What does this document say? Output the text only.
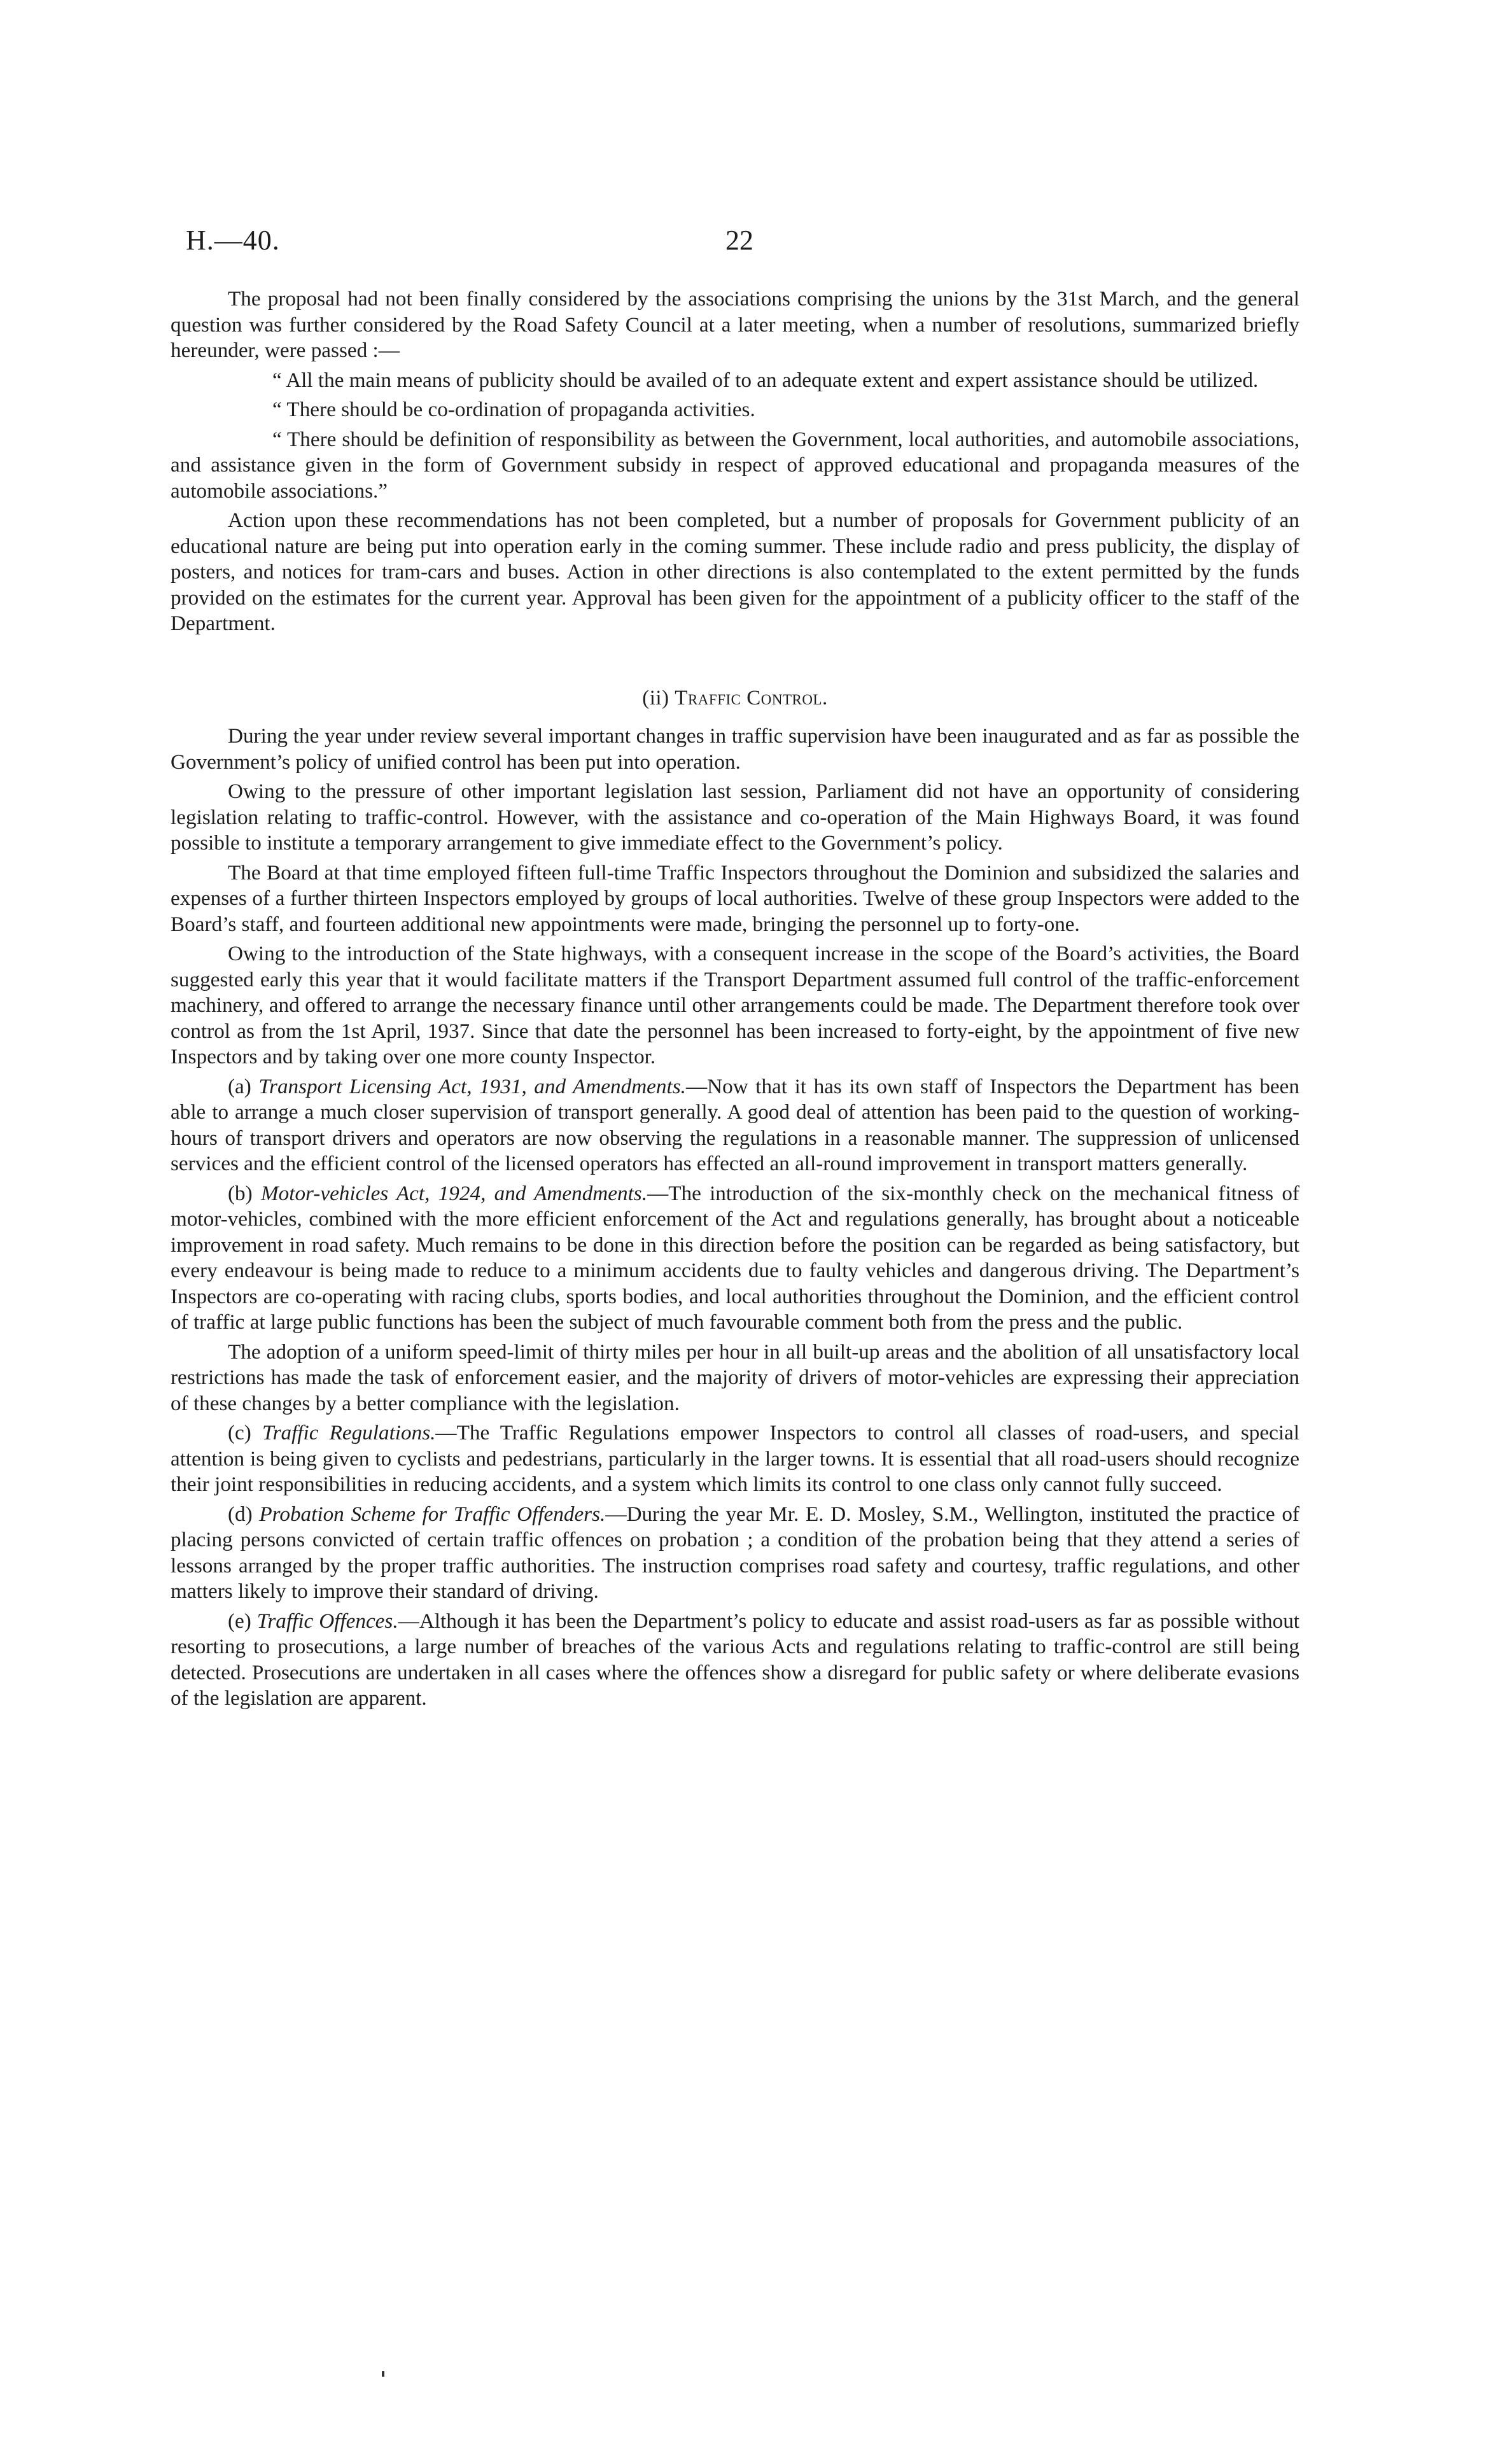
H.—40.	22

The proposal had not been finally considered by the associations comprising the unions by the 31st March, and the general question was further considered by the Road Safety Council at a later meeting, when a number of resolutions, summarized briefly hereunder, were passed :—

“ All the main means of publicity should be availed of to an adequate extent and expert assistance should be utilized.

“ There should be co-ordination of propaganda activities.

“ There should be definition of responsibility as between the Government, local authorities, and automobile associations, and assistance given in the form of Government subsidy in respect of approved educational and propaganda measures of the automobile associations.”

Action upon these recommendations has not been completed, but a number of proposals for Government publicity of an educational nature are being put into operation early in the coming summer. These include radio and press publicity, the display of posters, and notices for tram-cars and buses. Action in other directions is also contemplated to the extent permitted by the funds provided on the estimates for the current year. Approval has been given for the appointment of a publicity officer to the staff of the Department.

(ii) Traffic Control.

During the year under review several important changes in traffic supervision have been inaugurated and as far as possible the Government’s policy of unified control has been put into operation.

Owing to the pressure of other important legislation last session, Parliament did not have an opportunity of considering legislation relating to traffic-control. However, with the assistance and co-operation of the Main Highways Board, it was found possible to institute a temporary arrangement to give immediate effect to the Government’s policy.

The Board at that time employed fifteen full-time Traffic Inspectors throughout the Dominion and subsidized the salaries and expenses of a further thirteen Inspectors employed by groups of local authorities. Twelve of these group Inspectors were added to the Board’s staff, and fourteen additional new appointments were made, bringing the personnel up to forty-one.

Owing to the introduction of the State highways, with a consequent increase in the scope of the Board’s activities, the Board suggested early this year that it would facilitate matters if the Transport Department assumed full control of the traffic-enforcement machinery, and offered to arrange the necessary finance until other arrangements could be made. The Department therefore took over control as from the 1st April, 1937. Since that date the personnel has been increased to forty-eight, by the appointment of five new Inspectors and by taking over one more county Inspector.

(a) Transport Licensing Act, 1931, and Amendments.—Now that it has its own staff of Inspectors the Department has been able to arrange a much closer supervision of transport generally. A good deal of attention has been paid to the question of working-hours of transport drivers and operators are now observing the regulations in a reasonable manner. The suppression of unlicensed services and the efficient control of the licensed operators has effected an all-round improvement in transport matters generally.

(b) Motor-vehicles Act, 1924, and Amendments.—The introduction of the six-monthly check on the mechanical fitness of motor-vehicles, combined with the more efficient enforcement of the Act and regulations generally, has brought about a noticeable improvement in road safety. Much remains to be done in this direction before the position can be regarded as being satisfactory, but every endeavour is being made to reduce to a minimum accidents due to faulty vehicles and dangerous driving. The Department’s Inspectors are co-operating with racing clubs, sports bodies, and local authorities throughout the Dominion, and the efficient control of traffic at large public functions has been the subject of much favourable comment both from the press and the public.

The adoption of a uniform speed-limit of thirty miles per hour in all built-up areas and the abolition of all unsatisfactory local restrictions has made the task of enforcement easier, and the majority of drivers of motor-vehicles are expressing their appreciation of these changes by a better compliance with the legislation.

(c) Traffic Regulations.—The Traffic Regulations empower Inspectors to control all classes of road-users, and special attention is being given to cyclists and pedestrians, particularly in the larger towns. It is essential that all road-users should recognize their joint responsibilities in reducing accidents, and a system which limits its control to one class only cannot fully succeed.

(d) Probation Scheme for Traffic Offenders.—During the year Mr. E. D. Mosley, S.M., Wellington, instituted the practice of placing persons convicted of certain traffic offences on probation ; a condition of the probation being that they attend a series of lessons arranged by the proper traffic authorities. The instruction comprises road safety and courtesy, traffic regulations, and other matters likely to improve their standard of driving.

(e) Traffic Offences.—Although it has been the Department’s policy to educate and assist road-users as far as possible without resorting to prosecutions, a large number of breaches of the various Acts and regulations relating to traffic-control are still being detected. Prosecutions are undertaken in all cases where the offences show a disregard for public safety or where deliberate evasions of the legislation are apparent.
